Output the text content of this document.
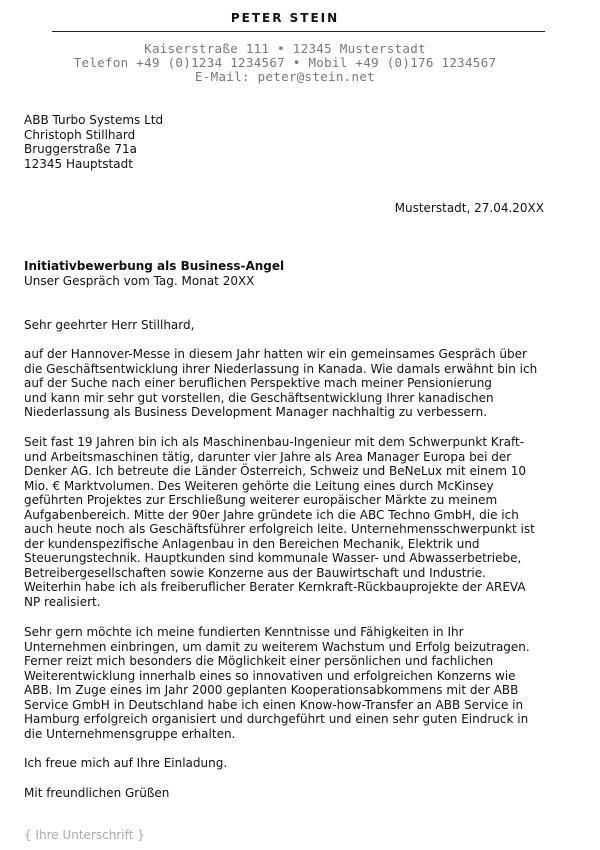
PETER STEIN
Kaiserstraße 111 • 12345 Musterstadt
Telefon +49 (0)1234 1234567 • Mobil +49 (0)176 1234567
E-Mail: peter@stein.net
ABB Turbo Systems Ltd
Christoph Stillhard
Bruggerstraße 71a
12345 Hauptstadt
Musterstadt, 27.04.20XX
Initiativbewerbung als Business-Angel
Unser Gespräch vom Tag. Monat 20XX
Sehr geehrter Herr Stillhard,
auf der Hannover-Messe in diesem Jahr hatten wir ein gemeinsames Gespräch über
die Geschäftsentwicklung ihrer Niederlassung in Kanada. Wie damals erwähnt bin ich
auf der Suche nach einer beruflichen Perspektive mach meiner Pensionierung
und kann mir sehr gut vorstellen, die Geschäftsentwicklung Ihrer kanadischen
Niederlassung als Business Development Manager nachhaltig zu verbessern.
Seit fast 19 Jahren bin ich als Maschinenbau-Ingenieur mit dem Schwerpunkt Kraft-
und Arbeitsmaschinen tätig, darunter vier Jahre als Area Manager Europa bei der
Denker AG. Ich betreute die Länder Österreich, Schweiz und BeNeLux mit einem 10
Mio. € Marktvolumen. Des Weiteren gehörte die Leitung eines durch McKinsey
geführten Projektes zur Erschließung weiterer europäischer Märkte zu meinem
Aufgabenbereich. Mitte der 90er Jahre gründete ich die ABC Techno GmbH, die ich
auch heute noch als Geschäftsführer erfolgreich leite. Unternehmensschwerpunkt ist
der kundenspezifische Anlagenbau in den Bereichen Mechanik, Elektrik und
Steuerungstechnik. Hauptkunden sind kommunale Wasser- und Abwasserbetriebe,
Betreibergesellschaften sowie Konzerne aus der Bauwirtschaft und Industrie.
Weiterhin habe ich als freiberuflicher Berater Kernkraft-Rückbauprojekte der AREVA
NP realisiert.
Sehr gern möchte ich meine fundierten Kenntnisse und Fähigkeiten in Ihr
Unternehmen einbringen, um damit zu weiterem Wachstum und Erfolg beizutragen.
Ferner reizt mich besonders die Möglichkeit einer persönlichen und fachlichen
Weiterentwicklung innerhalb eines so innovativen und erfolgreichen Konzerns wie
ABB. Im Zuge eines im Jahr 2000 geplanten Kooperationsabkommens mit der ABB
Service GmbH in Deutschland habe ich einen Know-how-Transfer an ABB Service in
Hamburg erfolgreich organisiert und durchgeführt und einen sehr guten Eindruck in
die Unternehmensgruppe erhalten.
Ich freue mich auf Ihre Einladung.
Mit freundlichen Grüßen
{ Ihre Unterschrift }
